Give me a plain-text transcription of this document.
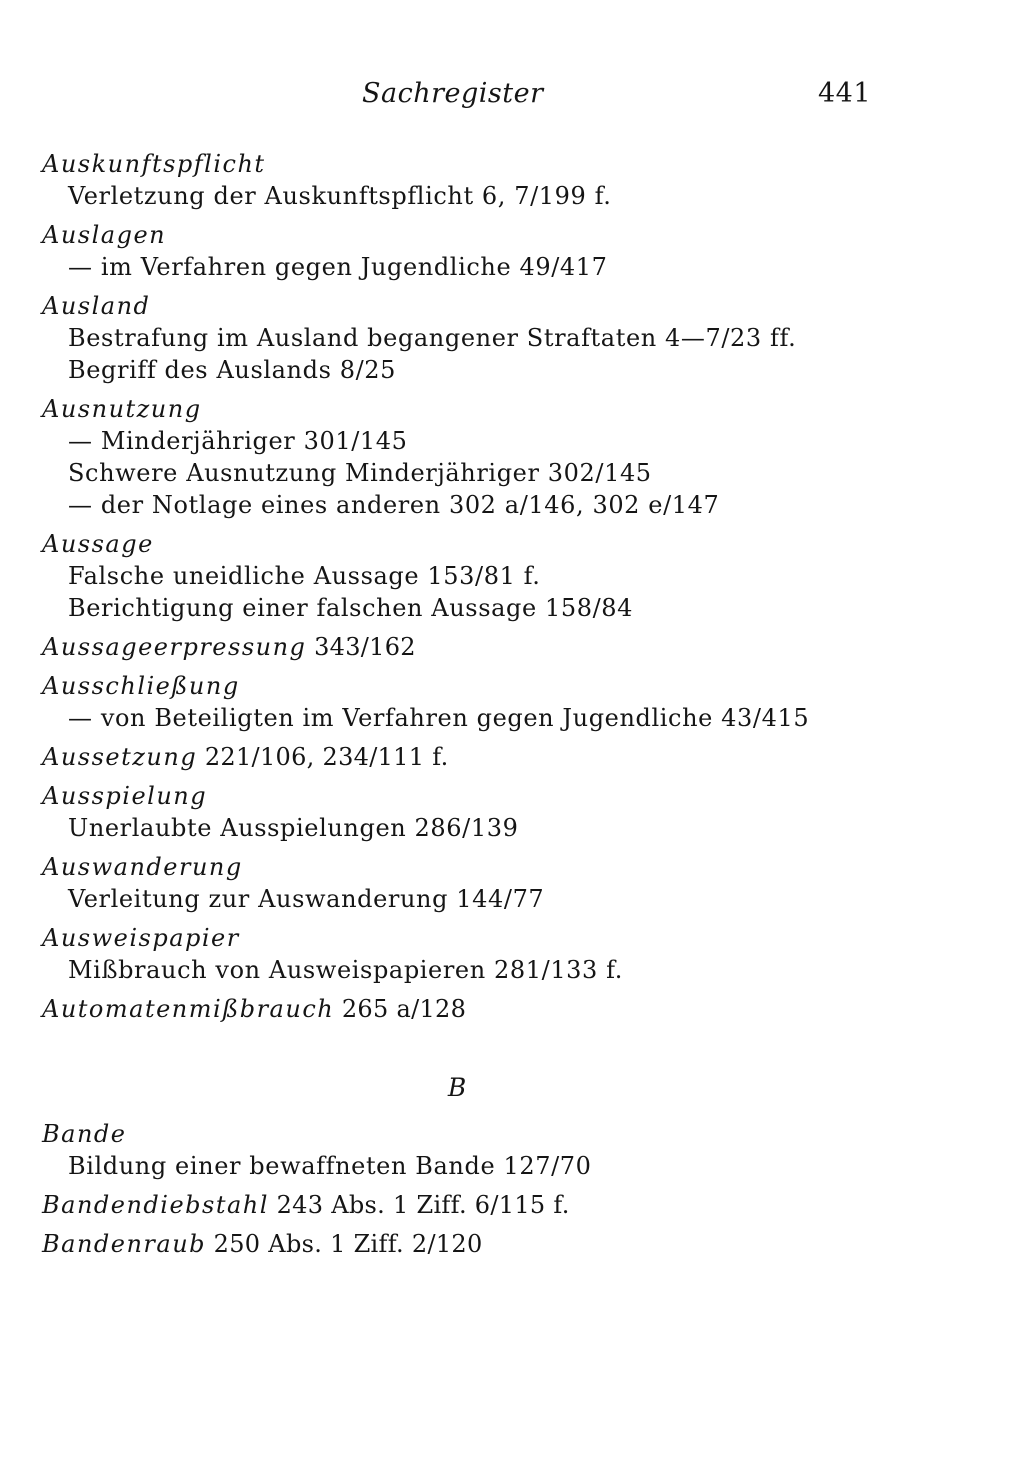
Sachregister	441
Auskunftspflicht
Verletzung der Auskunftspflicht 6, 7/199 f.
Auslagen
— im Verfahren gegen Jugendliche 49/417
Ausland
Bestrafung im Ausland begangener Straftaten 4—7/23 ff.
Begriff des Auslands 8/25
Ausnutzung
— Minderjähriger 301/145
Schwere Ausnutzung Minderjähriger 302/145
— der Notlage eines anderen 302 a/146, 302 e/147
Aussage
Falsche uneidliche Aussage 153/81 f.
Berichtigung einer falschen Aussage 158/84
Aussageerpressung 343/162
Ausschließung
— von Beteiligten im Verfahren gegen Jugendliche 43/415
Aussetzung 221/106, 234/111 f.
Ausspielung
Unerlaubte Ausspielungen 286/139
Auswanderung
Verleitung zur Auswanderung 144/77
Ausweispapier
Mißbrauch von Ausweispapieren 281/133 f.
Automatenmißbrauch 265 a/128
B
Bande
Bildung einer bewaffneten Bande 127/70
Bandendiebstahl 243 Abs. 1 Ziff. 6/115 f.
Bandenraub 250 Abs. 1 Ziff. 2/120
